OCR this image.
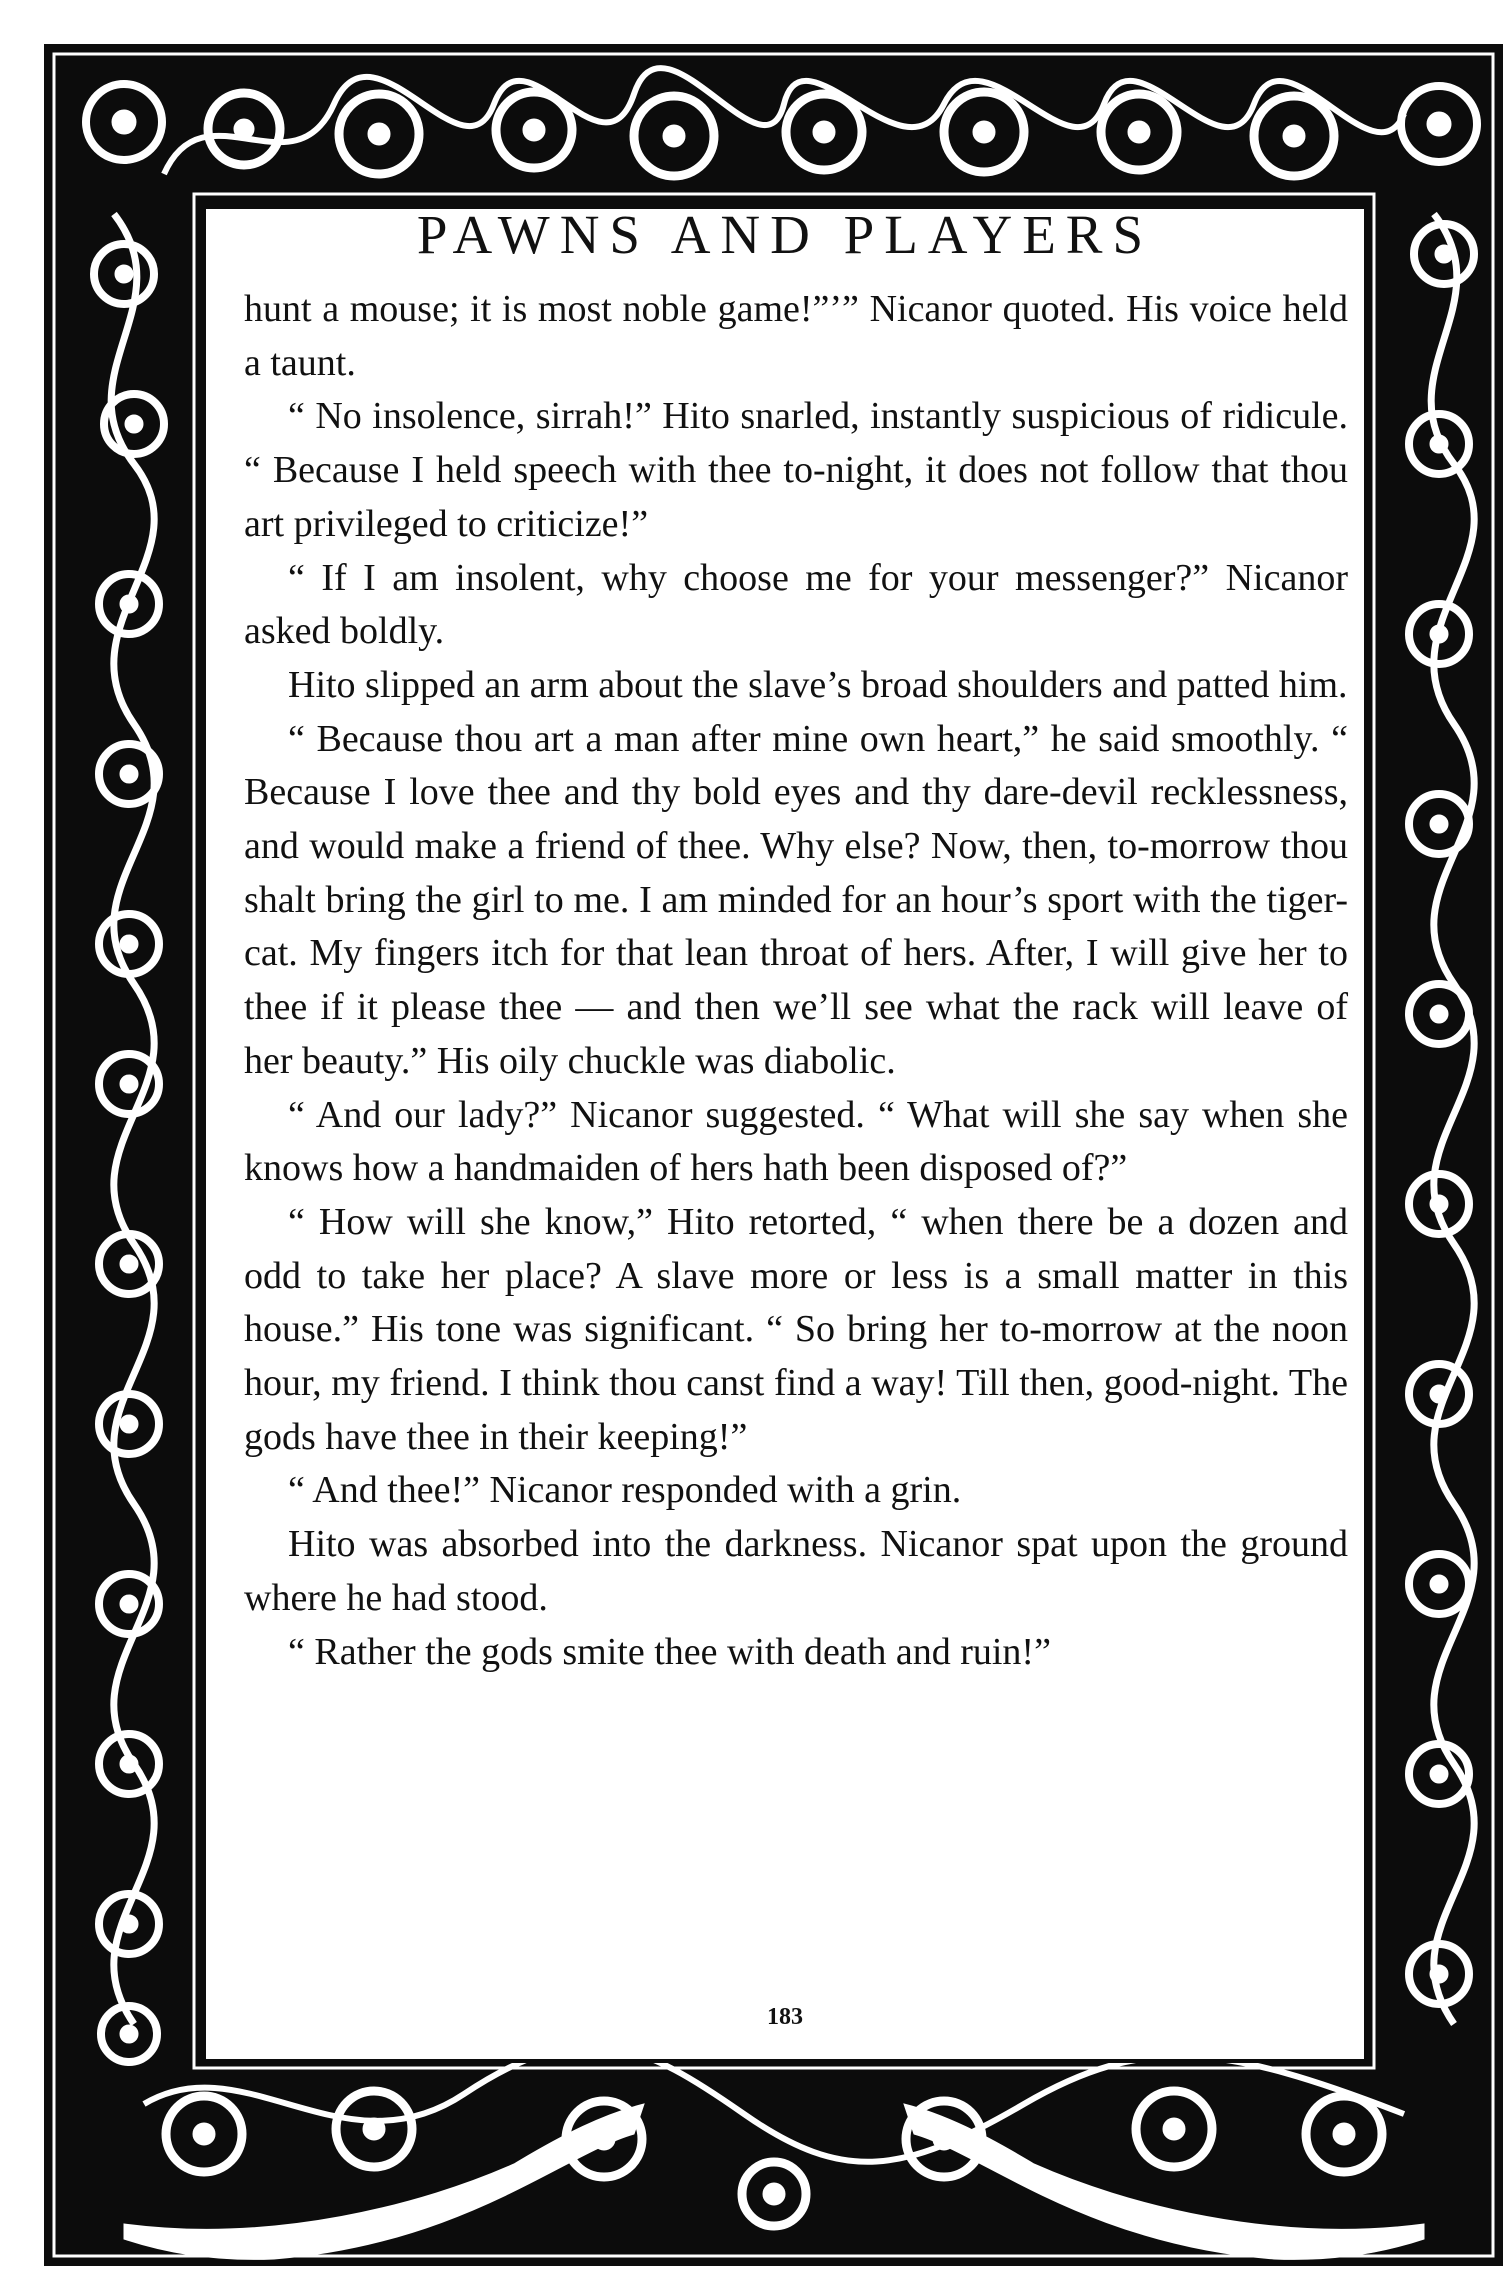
PAWNS AND PLAYERS

hunt a mouse; it is most noble game!”’” Nicanor quoted. His voice held a taunt.

“ No insolence, sirrah!” Hito snarled, instantly suspicious of ridicule. “ Because I held speech with thee to-night, it does not follow that thou art privileged to criticize!”

“ If I am insolent, why choose me for your messenger?” Nicanor asked boldly.

Hito slipped an arm about the slave’s broad shoulders and patted him.

“ Because thou art a man after mine own heart,” he said smoothly. “ Because I love thee and thy bold eyes and thy dare-devil recklessness, and would make a friend of thee. Why else? Now, then, to-morrow thou shalt bring the girl to me. I am minded for an hour’s sport with the tiger-cat. My fingers itch for that lean throat of hers. After, I will give her to thee if it please thee — and then we’ll see what the rack will leave of her beauty.” His oily chuckle was diabolic.

“ And our lady?” Nicanor suggested. “ What will she say when she knows how a handmaiden of hers hath been disposed of?”

“ How will she know,” Hito retorted, “ when there be a dozen and odd to take her place? A slave more or less is a small matter in this house.” His tone was significant. “ So bring her to-morrow at the noon hour, my friend. I think thou canst find a way! Till then, good-night. The gods have thee in their keeping!”

“ And thee!” Nicanor responded with a grin.

Hito was absorbed into the darkness. Nicanor spat upon the ground where he had stood.

“ Rather the gods smite thee with death and ruin!”

183
